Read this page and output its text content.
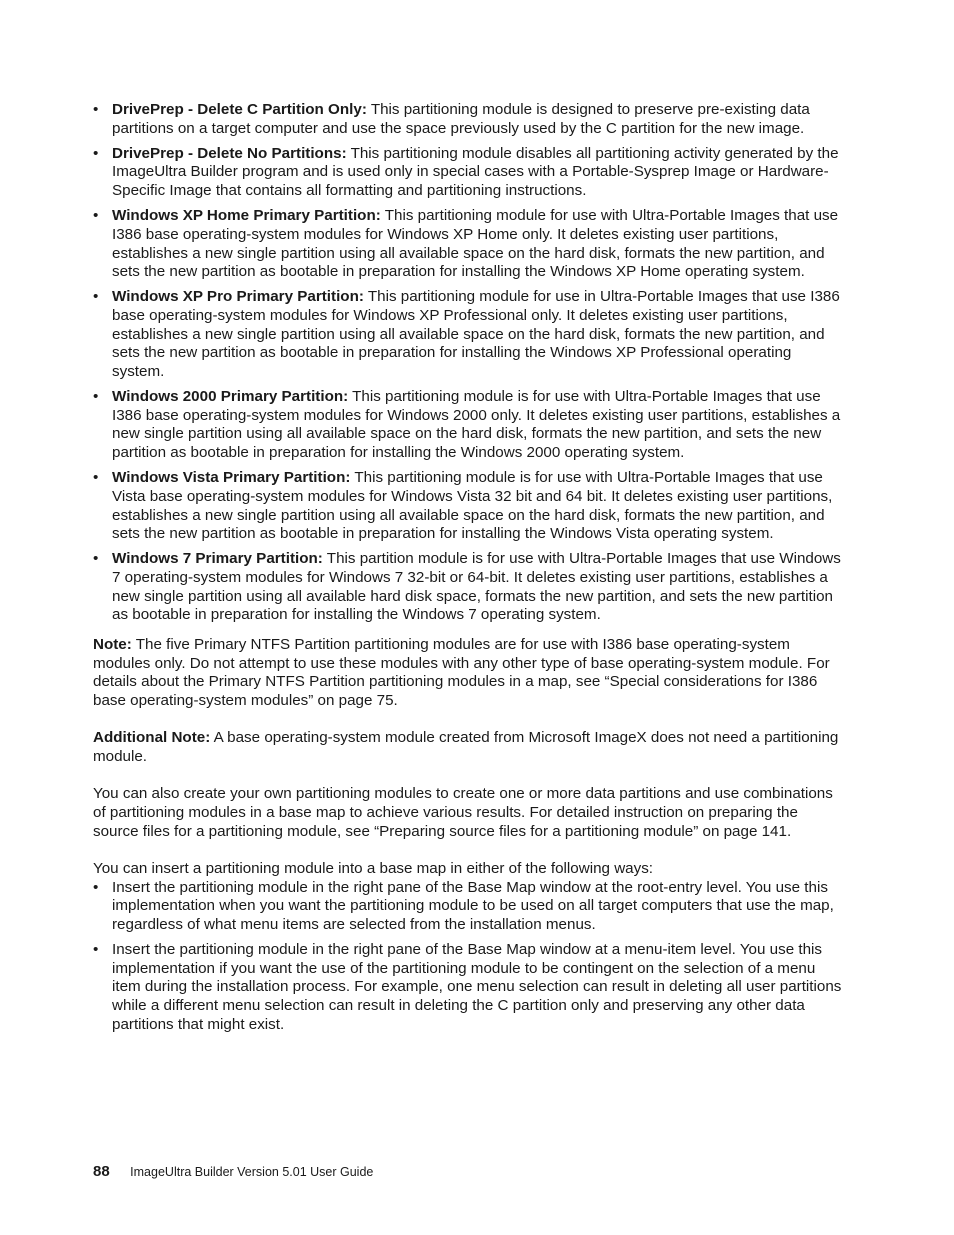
• DrivePrep - Delete C Partition Only: This partitioning module is designed to preserve pre-existing data partitions on a target computer and use the space previously used by the C partition for the new image.
• DrivePrep - Delete No Partitions: This partitioning module disables all partitioning activity generated by the ImageUltra Builder program and is used only in special cases with a Portable-Sysprep Image or Hardware-Specific Image that contains all formatting and partitioning instructions.
• Windows XP Home Primary Partition: This partitioning module for use with Ultra-Portable Images that use I386 base operating-system modules for Windows XP Home only. It deletes existing user partitions, establishes a new single partition using all available space on the hard disk, formats the new partition, and sets the new partition as bootable in preparation for installing the Windows XP Home operating system.
• Windows XP Pro Primary Partition: This partitioning module for use in Ultra-Portable Images that use I386 base operating-system modules for Windows XP Professional only. It deletes existing user partitions, establishes a new single partition using all available space on the hard disk, formats the new partition, and sets the new partition as bootable in preparation for installing the Windows XP Professional operating system.
• Windows 2000 Primary Partition: This partitioning module is for use with Ultra-Portable Images that use I386 base operating-system modules for Windows 2000 only. It deletes existing user partitions, establishes a new single partition using all available space on the hard disk, formats the new partition, and sets the new partition as bootable in preparation for installing the Windows 2000 operating system.
• Windows Vista Primary Partition: This partitioning module is for use with Ultra-Portable Images that use Vista base operating-system modules for Windows Vista 32 bit and 64 bit. It deletes existing user partitions, establishes a new single partition using all available space on the hard disk, formats the new partition, and sets the new partition as bootable in preparation for installing the Windows Vista operating system.
• Windows 7 Primary Partition: This partition module is for use with Ultra-Portable Images that use Windows 7 operating-system modules for Windows 7 32-bit or 64-bit. It deletes existing user partitions, establishes a new single partition using all available hard disk space, formats the new partition, and sets the new partition as bootable in preparation for installing the Windows 7 operating system.

Note: The five Primary NTFS Partition partitioning modules are for use with I386 base operating-system modules only. Do not attempt to use these modules with any other type of base operating-system module. For details about the Primary NTFS Partition partitioning modules in a map, see “Special considerations for I386 base operating-system modules” on page 75.

Additional Note: A base operating-system module created from Microsoft ImageX does not need a partitioning module.

You can also create your own partitioning modules to create one or more data partitions and use combinations of partitioning modules in a base map to achieve various results. For detailed instruction on preparing the source files for a partitioning module, see “Preparing source files for a partitioning module” on page 141.

You can insert a partitioning module into a base map in either of the following ways:

• Insert the partitioning module in the right pane of the Base Map window at the root-entry level. You use this implementation when you want the partitioning module to be used on all target computers that use the map, regardless of what menu items are selected from the installation menus.
• Insert the partitioning module in the right pane of the Base Map window at a menu-item level. You use this implementation if you want the use of the partitioning module to be contingent on the selection of a menu item during the installation process. For example, one menu selection can result in deleting all user partitions while a different menu selection can result in deleting the C partition only and preserving any other data partitions that might exist.
88 ImageUltra Builder Version 5.01 User Guide
